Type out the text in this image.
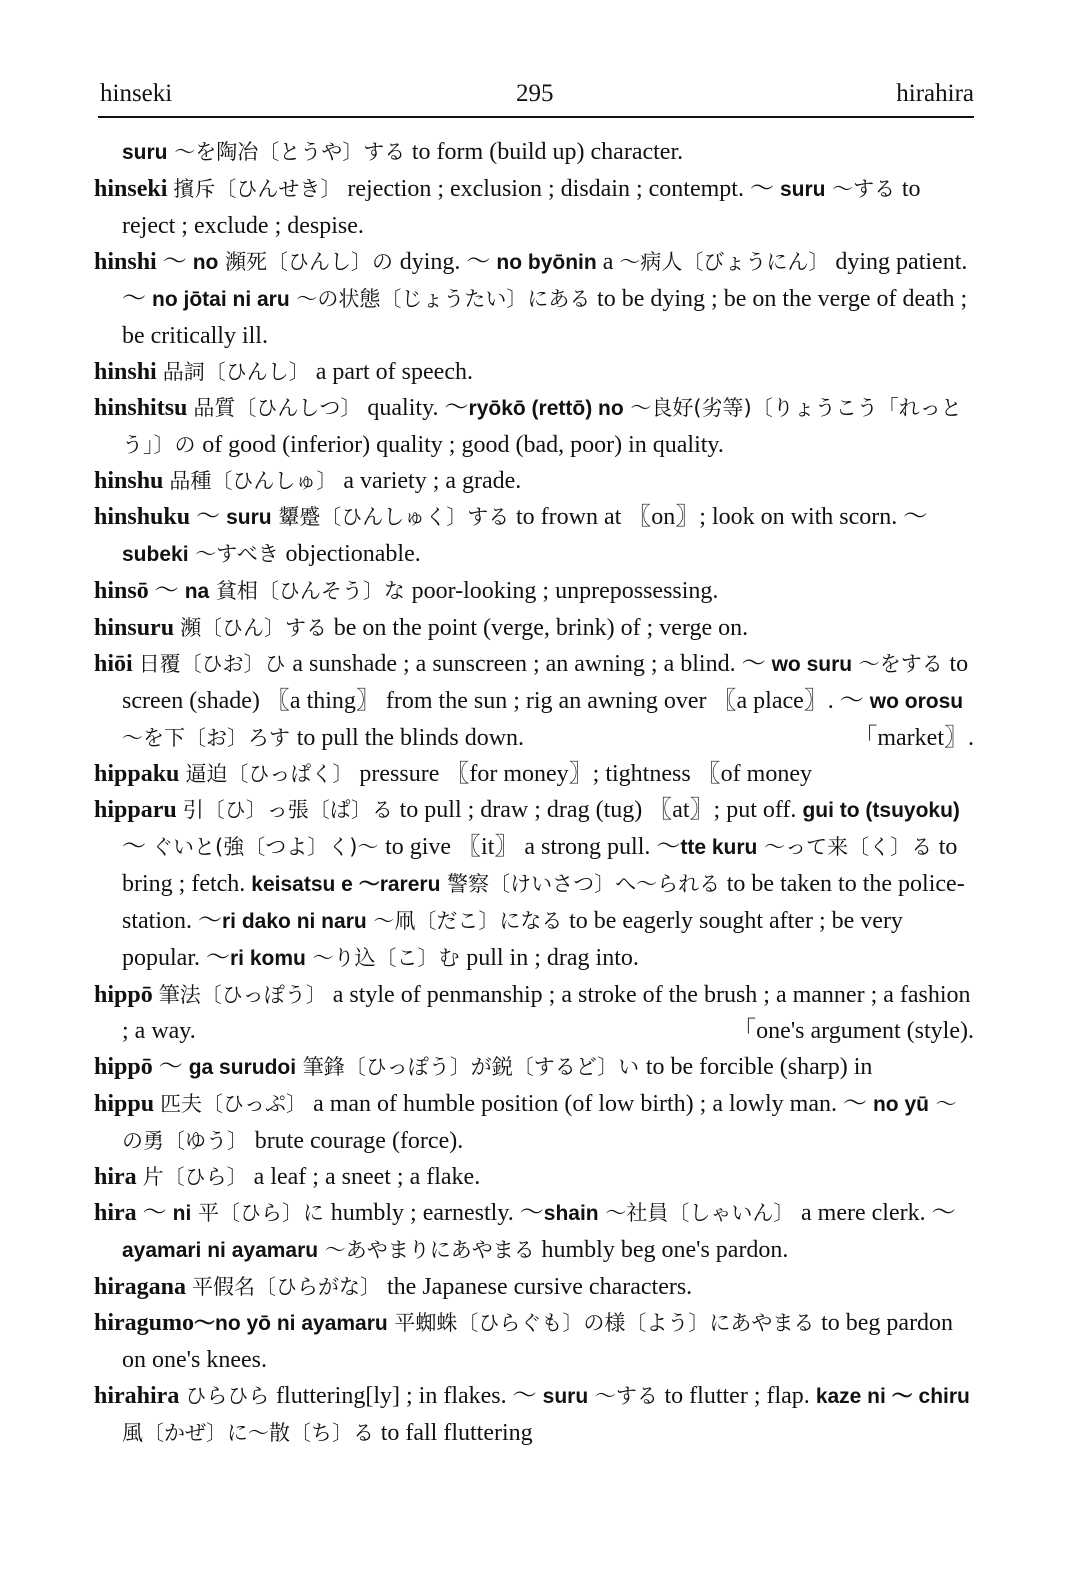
hinseki	295	hirahira

suru ～を陶冶〔とうや〕する to form (build up) character.

hinseki 擯斥〔ひんせき〕 rejection ; exclusion ; disdain ; contempt. ～ suru ～する to reject ; exclude ; despise.

hinshi ～ no 瀕死〔ひんし〕の dying. ～ no byōnin a ～病人〔びょうにん〕 dying patient. ～ no jōtai ni aru ～の状態〔じょうたい〕にある to be dying ; be on the verge of death ; be critically ill.

hinshi 品詞〔ひんし〕 a part of speech.

hinshitsu 品質〔ひんしつ〕 quality. ～ryōkō (rettō) no ～良好(劣等)〔りょうこう「れっとう」〕の of good (inferior) quality ; good (bad, poor) in quality.

hinshu 品種〔ひんしゅ〕 a variety ; a grade.

hinshuku ～ suru 顰蹙〔ひんしゅく〕する to frown at 〖on〗; look on with scorn. ～ subeki ～すべき objectionable.

hinsō ～ na 貧相〔ひんそう〕な poor-looking ; unprepossessing.

hinsuru 瀕〔ひん〕する be on the point (verge, brink) of ; verge on.

hiōi 日覆〔ひお〕ひ a sunshade ; a sunscreen ; an awning ; a blind. ～ wo suru ～をする to screen (shade) 〖a thing〗 from the sun ; rig an awning over 〖a place〗. ～ wo orosu ～を下〔お〕ろす to pull the blinds down.	「market〗.

hippaku 逼迫〔ひっぱく〕 pressure 〖for money〗; tightness 〖of money

hipparu 引〔ひ〕っ張〔ぱ〕る to pull ; draw ; drag (tug) 〖at〗; put off. gui to (tsuyoku) ～ ぐいと(強〔つよ〕く)～ to give 〖it〗 a strong pull. ～tte kuru ～って来〔く〕る to bring ; fetch. keisatsu e ～rareru 警察〔けいさつ〕へ～られる to be taken to the police-station. ～ri dako ni naru ～凧〔だこ〕になる to be eagerly sought after ; be very popular. ～ri komu ～り込〔こ〕む pull in ; drag into.

hippō 筆法〔ひっぽう〕 a style of penmanship ; a stroke of the brush ; a manner ; a fashion ; a way.	「one's argument (style).

hippō ～ ga surudoi 筆鋒〔ひっぽう〕が鋭〔するど〕い to be forcible (sharp) in

hippu 匹夫〔ひっぷ〕 a man of humble position (of low birth) ; a lowly man. ～ no yū ～の勇〔ゆう〕 brute courage (force).

hira 片〔ひら〕 a leaf ; a sneet ; a flake.

hira ～ ni 平〔ひら〕に humbly ; earnestly. ～shain ～社員〔しゃいん〕 a mere clerk. ～ayamari ni ayamaru ～あやまりにあやまる humbly beg one's pardon.

hiragana 平假名〔ひらがな〕 the Japanese cursive characters.

hiragumo～no yō ni ayamaru 平蜘蛛〔ひらぐも〕の様〔よう〕にあやまる to beg pardon on one's knees.

hirahira ひらひら fluttering[ly] ; in flakes. ～ suru ～する to flutter ; flap. kaze ni ～ chiru 風〔かぜ〕に～散〔ち〕る to fall fluttering
